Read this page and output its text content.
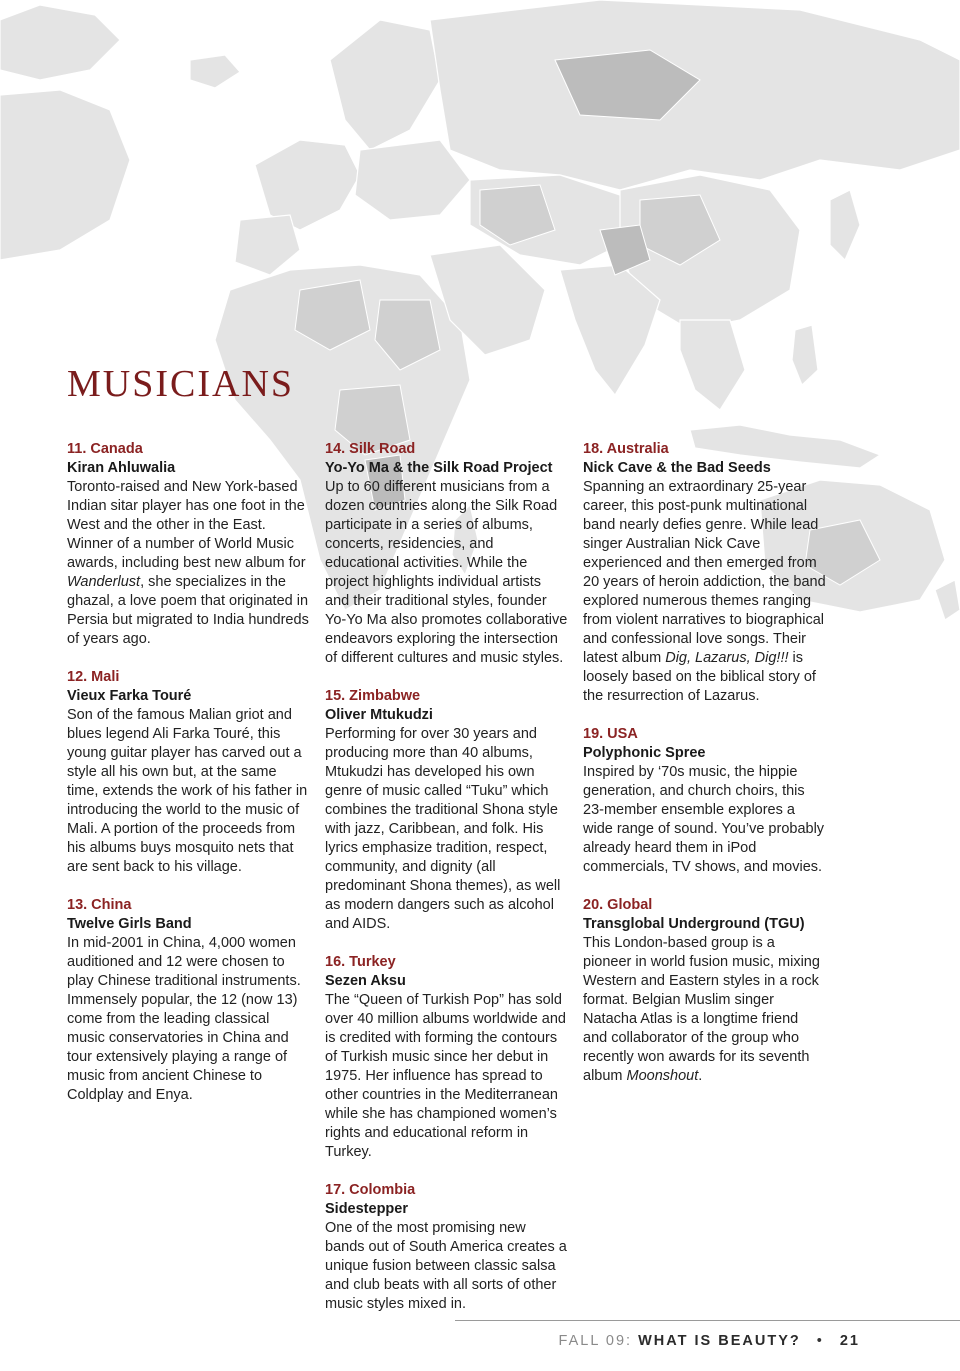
MUSICIANS
11. Canada
Kiran Ahluwalia
Toronto-raised and New York-based Indian sitar player has one foot in the West and the other in the East. Winner of a number of World Music awards, including best new album for Wanderlust, she specializes in the ghazal, a love poem that originated in Persia but migrated to India hundreds of years ago.
12. Mali
Vieux Farka Touré
Son of the famous Malian griot and blues legend Ali Farka Touré, this young guitar player has carved out a style all his own but, at the same time, extends the work of his father in introducing the world to the music of Mali. A portion of the proceeds from his albums buys mosquito nets that are sent back to his village.
13. China
Twelve Girls Band
In mid-2001 in China, 4,000 women auditioned and 12 were chosen to play Chinese traditional instruments. Immensely popular, the 12 (now 13) come from the leading classical music conservatories in China and tour extensively playing a range of music from ancient Chinese to Coldplay and Enya.
14. Silk Road
Yo-Yo Ma & the Silk Road Project
Up to 60 different musicians from a dozen countries along the Silk Road participate in a series of albums, concerts, residencies, and educational activities. While the project highlights individual artists and their traditional styles, founder Yo-Yo Ma also promotes collaborative endeavors exploring the intersection of different cultures and music styles.
15. Zimbabwe
Oliver Mtukudzi
Performing for over 30 years and producing more than 40 albums, Mtukudzi has developed his own genre of music called “Tuku” which combines the traditional Shona style with jazz, Caribbean, and folk. His lyrics emphasize tradition, respect, community, and dignity (all predominant Shona themes), as well as modern dangers such as alcohol and AIDS.
16. Turkey
Sezen Aksu
The “Queen of Turkish Pop” has sold over 40 million albums worldwide and is credited with forming the contours of Turkish music since her debut in 1975. Her influence has spread to other countries in the Mediterranean while she has championed women’s rights and educational reform in Turkey.
17. Colombia
Sidestepper
One of the most promising new bands out of South America creates a unique fusion between classic salsa and club beats with all sorts of other music styles mixed in.
18. Australia
Nick Cave & the Bad Seeds
Spanning an extraordinary 25-year career, this post-punk multinational band nearly defies genre. While lead singer Australian Nick Cave experienced and then emerged from 20 years of heroin addiction, the band explored numerous themes ranging from violent narratives to biographical and confessional love songs. Their latest album Dig, Lazarus, Dig!!! is loosely based on the biblical story of the resurrection of Lazarus.
19. USA
Polyphonic Spree
Inspired by ‘70s music, the hippie generation, and church choirs, this 23-member ensemble explores a wide range of sound. You’ve probably already heard them in iPod commercials, TV shows, and movies.
20. Global
Transglobal Underground (TGU)
This London-based group is a pioneer in world fusion music, mixing Western and Eastern styles in a rock format. Belgian Muslim singer Natacha Atlas is a longtime friend and collaborator of the group who recently won awards for its seventh album Moonshout.
FALL 09: WHAT IS BEAUTY? • 21
